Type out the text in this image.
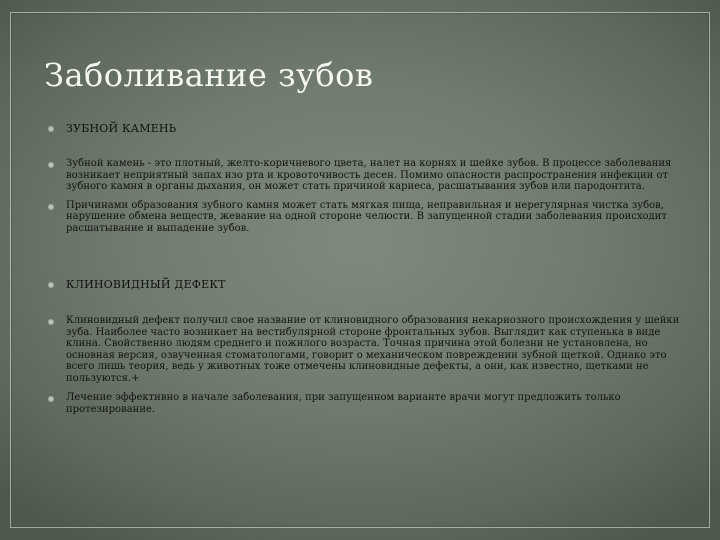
Заболивание зубов
ЗУБНОЙ КАМЕНЬ
Зубной камень - это плотный, желто-коричневого цвета, налет на корнях и шейке зубов. В процессе заболевания возникает неприятный запах изо рта и кровоточивость десен. Помимо опасности распространения инфекции от зубного камня в органы дыхания, он может стать причиной кариеса, расшатывания зубов или пародонтита.
Причинами образования зубного камня может стать мягкая пища, неправильная и нерегулярная чистка зубов, нарушение обмена веществ, жевание на одной стороне челюсти. В запущенной стадии заболевания происходит расшатывание и выпадение зубов.
КЛИНОВИДНЫЙ ДЕФЕКТ
Клиновидный дефект получил свое название от клиновидного образования некариозного происхождения у шейки зуба. Наиболее часто возникает на вестибулярной стороне фронтальных зубов. Выглядит как ступенька в виде клина. Свойственно людям среднего и пожилого возраста. Точная причина этой болезни не установлена, но основная версия, озвученная стоматологами, говорит о механическом повреждении зубной щеткой. Однако это всего лишь теория, ведь у животных тоже отмечены клиновидные дефекты, а они, как известно, щетками не пользуются.+
Лечение эффективно в начале заболевания, при запущенном варианте врачи могут предложить только протезирование.
